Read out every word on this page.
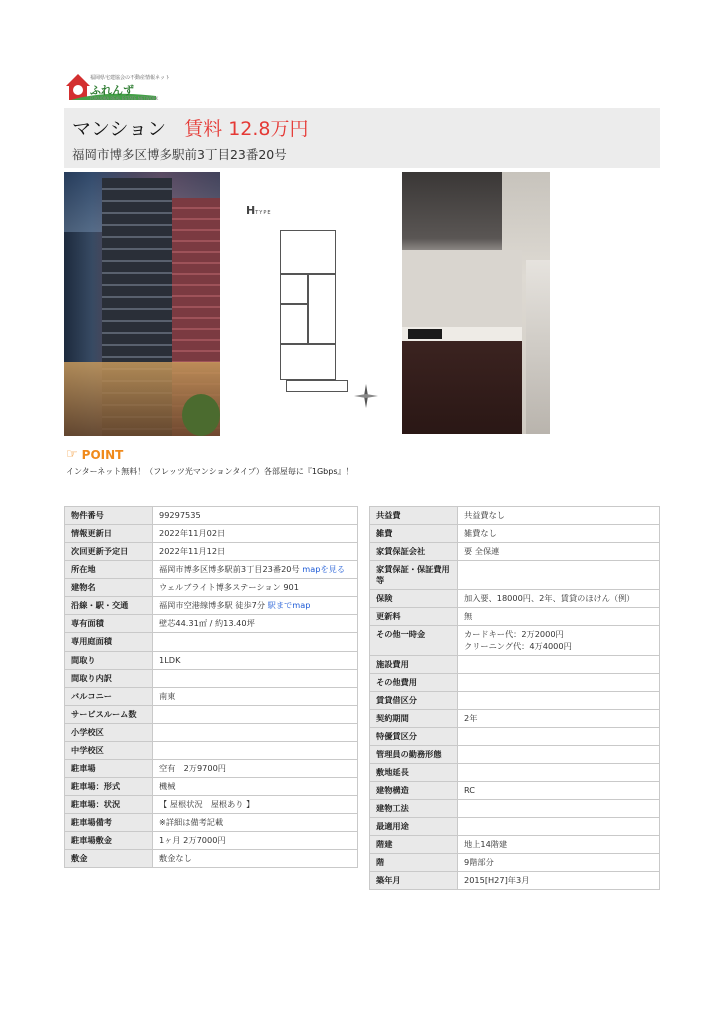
福岡県宅建協会の不動産情報ネット
ふれんず
FUKUOKA REAL ESTATE NETWORK
マンション 賃料 12.8万円
福岡市博多区博多駅前3丁目23番20号
HTYPE
☞ POINT
インターネット無料！（フレッツ光マンションタイプ）各部屋毎に『1Gbps』！
物件番号	99297535
情報更新日	2022年11月02日
次回更新予定日	2022年11月12日
所在地	福岡市博多区博多駅前3丁目23番20号 mapを見る
建物名	ウェルブライト博多ステーション 901
沿線・駅・交通	福岡市空港線博多駅 徒歩7分 駅までmap
専有面積	壁芯44.31㎡ / 約13.40坪
専用庭面積	
間取り	1LDK
間取り内訳	
バルコニー	南東
サービスルーム数	
小学校区	
中学校区	
駐車場	空有　2万9700円
駐車場：形式	機械
駐車場：状況	【 屋根状況　屋根あり 】
駐車場備考	※詳細は備考記載
駐車場敷金	1ヶ月 2万7000円
敷金	敷金なし
共益費	共益費なし
雑費	雑費なし
家賃保証会社	要 全保連
家賃保証・保証費用等	
保険	加入要、18000円、2年、賃貸のほけん（例）
更新料	無
その他一時金	カードキー代：2万2000円
クリーニング代：4万4000円
施設費用	
その他費用	
賃貸借区分	
契約期間	2年
特優賃区分	
管理員の勤務形態	
敷地延長	
建物構造	RC
建物工法	
最適用途	
階建	地上14階建
階	9階部分
築年月	2015[H27]年3月
